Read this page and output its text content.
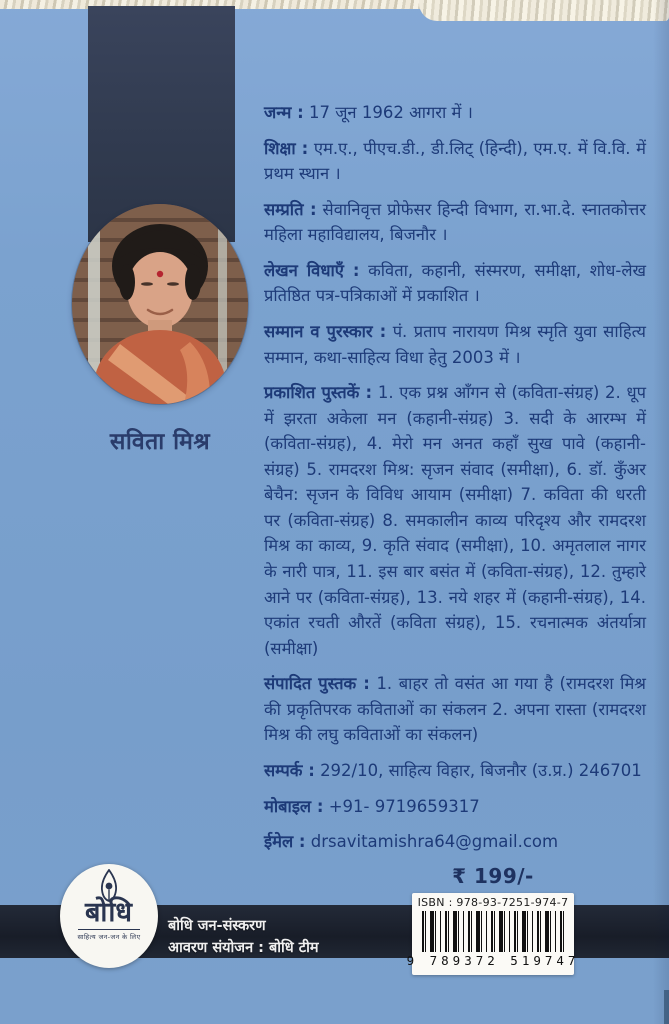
सविता मिश्र

जन्म : 17 जून 1962 आगरा में ।

शिक्षा : एम.ए., पीएच.डी., डी.लिट् (हिन्दी), एम.ए. में वि.वि. में प्रथम स्थान ।

सम्प्रति : सेवानिवृत्त प्रोफेसर हिन्दी विभाग, रा.भा.दे. स्नातकोत्तर महिला महाविद्यालय, बिजनौर ।

लेखन विधाएँ : कविता, कहानी, संस्मरण, समीक्षा, शोध-लेख प्रतिष्ठित पत्र-पत्रिकाओं में प्रकाशित ।

सम्मान व पुरस्कार : पं. प्रताप नारायण मिश्र स्मृति युवा साहित्य सम्मान, कथा-साहित्य विधा हेतु 2003 में ।

प्रकाशित पुस्तकें : 1. एक प्रश्न आँगन से (कविता-संग्रह) 2. धूप में झरता अकेला मन (कहानी-संग्रह) 3. सदी के आरम्भ में (कविता-संग्रह), 4. मेरो मन अनत कहाँ सुख पावे (कहानी-संग्रह) 5. रामदरश मिश्र: सृजन संवाद (समीक्षा), 6. डॉ. कुँअर बेचैन: सृजन के विविध आयाम (समीक्षा) 7. कविता की धरती पर (कविता-संग्रह) 8. समकालीन काव्य परिदृश्य और रामदरश मिश्र का काव्य, 9. कृति संवाद (समीक्षा), 10. अमृतलाल नागर के नारी पात्र, 11. इस बार बसंत में (कविता-संग्रह), 12. तुम्हारे आने पर (कविता-संग्रह), 13. नये शहर में (कहानी-संग्रह), 14. एकांत रचती औरतें (कविता संग्रह), 15. रचनात्मक अंतर्यात्रा (समीक्षा)

संपादित पुस्तक : 1. बाहर तो वसंत आ गया है (रामदरश मिश्र की प्रकृतिपरक कविताओं का संकलन 2. अपना रास्ता (रामदरश मिश्र की लघु कविताओं का संकलन)

सम्पर्क : 292/10, साहित्य विहार, बिजनौर (उ.प्र.) 246701

मोबाइल : +91- 9719659317

ईमेल : drsavitamishra64@gmail.com

बोधि
साहित्य जन-जन के लिए
बोधि जन-संस्करण
आवरण संयोजन : बोधि टीम
₹ 199/-
ISBN : 978-93-7251-974-7
9 789372 519747
